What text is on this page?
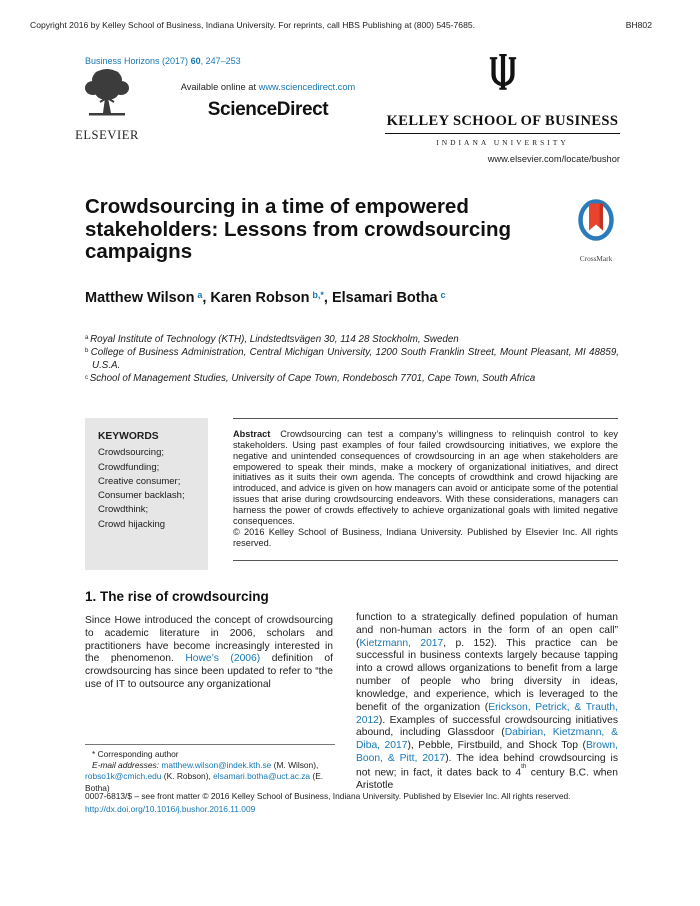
Copyright 2016 by Kelley School of Business, Indiana University. For reprints, call HBS Publishing at (800) 545-7685.	BH802
Business Horizons (2017) 60, 247–253
ELSEVIER
Available online at www.sciencedirect.com
ScienceDirect
KELLEY SCHOOL OF BUSINESS
INDIANA UNIVERSITY
www.elsevier.com/locate/bushor
Crowdsourcing in a time of empowered stakeholders: Lessons from crowdsourcing campaigns	CrossMark
Matthew Wilson  $^a$, Karen Robson  $^{b,*}$, Elsamari Botha  $^c$
$^a$ Royal Institute of Technology (KTH), Lindstedtsvägen 30, 114 28 Stockholm, Sweden
$^b$ College of Business Administration, Central Michigan University, 1200 South Franklin Street, Mount Pleasant, MI 48859, U.S.A.
$^c$ School of Management Studies, University of Cape Town, Rondebosch 7701, Cape Town, South Africa
KEYWORDS
Crowdsourcing;
Crowdfunding;
Creative consumer;
Consumer backlash;
Crowdthink;
Crowd hijacking
Abstract Crowdsourcing can test a company’s willingness to relinquish control to key stakeholders. Using past examples of four failed crowdsourcing initiatives, we explore the negative and unintended consequences of crowdsourcing in an age when stakeholders are empowered to speak their minds, make a mockery of organizational initiatives, and direct initiatives as it suits their own agenda. The concepts of crowdthink and crowd hijacking are introduced, and advice is given on how managers can avoid or anticipate some of the potential issues that arise during crowdsourcing endeavors. With these considerations, managers can harness the power of crowds effectively to achieve organizational goals with limited negative consequences.
© 2016 Kelley School of Business, Indiana University. Published by Elsevier Inc. All rights reserved.
1. The rise of crowdsourcing
Since Howe introduced the concept of crowdsourcing to academic literature in 2006, scholars and practitioners have become increasingly interested in the phenomenon. Howe’s (2006) definition of crowdsourcing has since been updated to refer to “the use of IT to outsource any organizational
function to a strategically defined population of human and non-human actors in the form of an open call” (Kietzmann, 2017, p. 152). This practice can be successful in business contexts largely because tapping into a crowd allows organizations to benefit from a large number of people who bring diversity in ideas, knowledge, and experience, which is leveraged to the benefit of the organization (Erickson, Petrick, & Trauth, 2012). Examples of successful crowdsourcing initiatives abound, including Glassdoor (Dabirian, Kietzmann, & Diba, 2017), Pebble, Firstbuild, and Shock Top (Brown, Boon, & Pitt, 2017). The idea behind crowdsourcing is not new; in fact, it dates back to 4th century B.C. when Aristotle
* Corresponding author
E-mail addresses: matthew.wilson@indek.kth.se (M. Wilson), robso1k@cmich.edu (K. Robson), elsamari.botha@uct.ac.za (E. Botha)
0007-6813/$ – see front matter © 2016 Kelley School of Business, Indiana University. Published by Elsevier Inc. All rights reserved.
http://dx.doi.org/10.1016/j.bushor.2016.11.009
